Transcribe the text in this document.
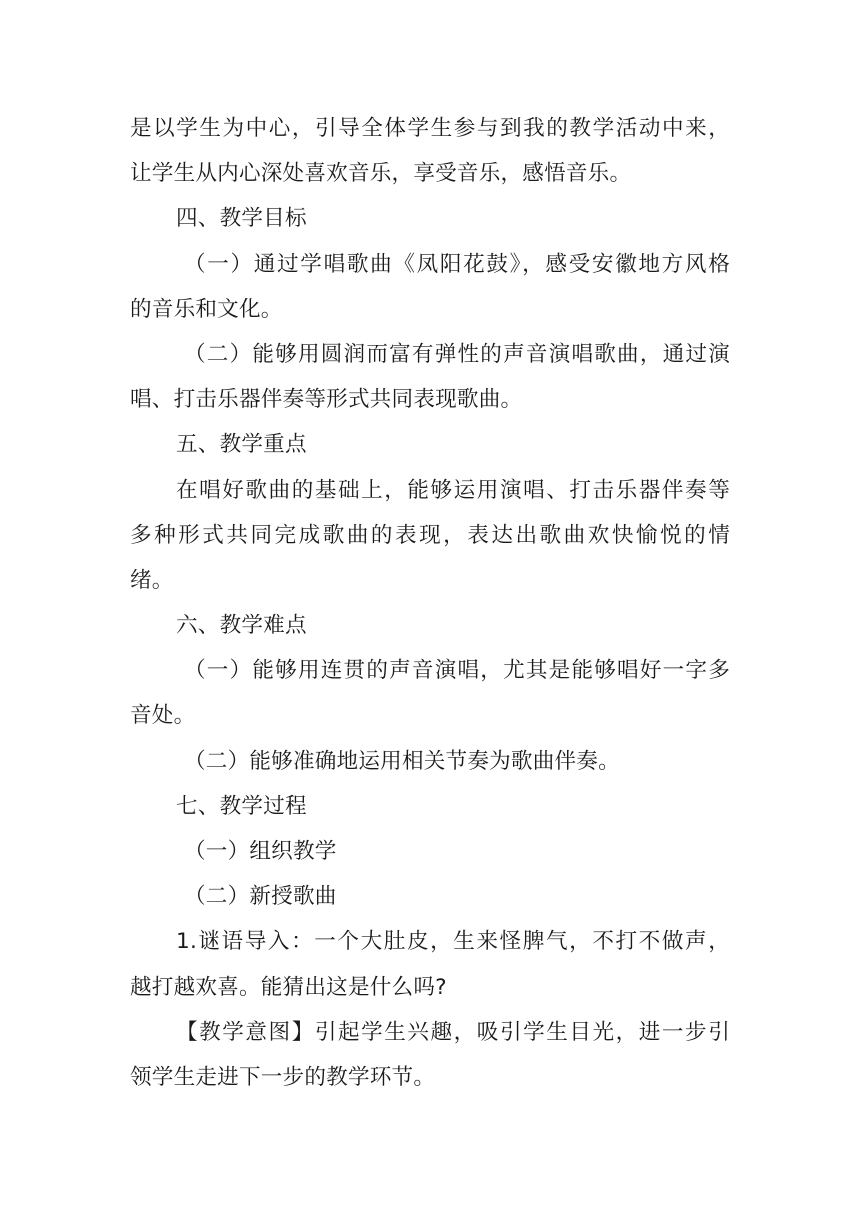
是以学生为中心，引导全体学生参与到我的教学活动中来，
让学生从内心深处喜欢音乐，享受音乐，感悟音乐。
四、教学目标
（一）通过学唱歌曲《凤阳花鼓》，感受安徽地方风格
的音乐和文化。
（二）能够用圆润而富有弹性的声音演唱歌曲，通过演
唱、打击乐器伴奏等形式共同表现歌曲。
五、教学重点
在唱好歌曲的基础上，能够运用演唱、打击乐器伴奏等
多种形式共同完成歌曲的表现，表达出歌曲欢快愉悦的情
绪。
六、教学难点
（一）能够用连贯的声音演唱，尤其是能够唱好一字多
音处。
（二）能够准确地运用相关节奏为歌曲伴奏。
七、教学过程
（一）组织教学
（二）新授歌曲
1.谜语导入：一个大肚皮，生来怪脾气，不打不做声，
越打越欢喜。能猜出这是什么吗?
【教学意图】引起学生兴趣，吸引学生目光，进一步引
领学生走进下一步的教学环节。
